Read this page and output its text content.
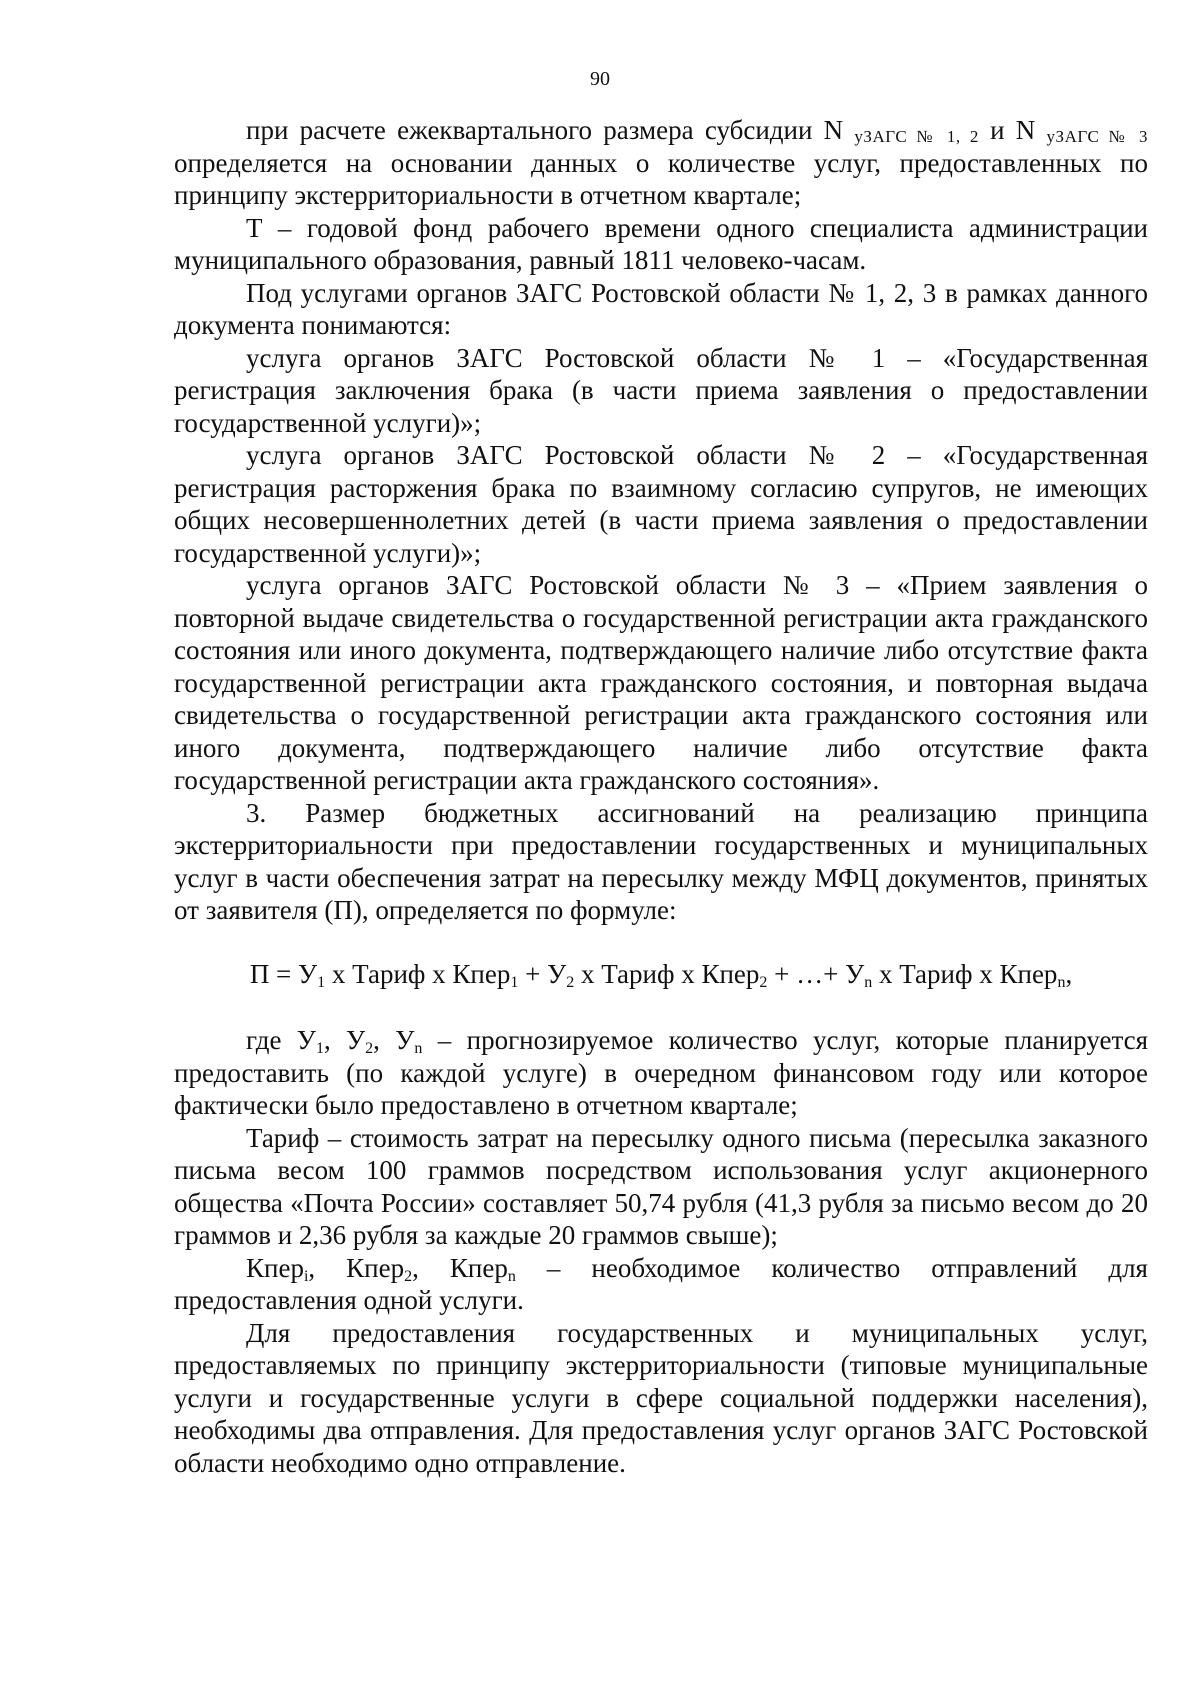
90

при расчете ежеквартального размера субсидии N уЗАГС № 1, 2 и N уЗАГС № 3 определяется на основании данных о количестве услуг, предоставленных по принципу экстерриториальности в отчетном квартале;

Т – годовой фонд рабочего времени одного специалиста администрации муниципального образования, равный 1811 человеко-часам.

Под услугами органов ЗАГС Ростовской области № 1, 2, 3 в рамках данного документа понимаются:

услуга органов ЗАГС Ростовской области № 1 – «Государственная регистрация заключения брака (в части приема заявления о предоставлении государственной услуги)»;

услуга органов ЗАГС Ростовской области № 2 – «Государственная регистрация расторжения брака по взаимному согласию супругов, не имеющих общих несовершеннолетних детей (в части приема заявления о предоставлении государственной услуги)»;

услуга органов ЗАГС Ростовской области № 3 – «Прием заявления о повторной выдаче свидетельства о государственной регистрации акта гражданского состояния или иного документа, подтверждающего наличие либо отсутствие факта государственной регистрации акта гражданского состояния, и повторная выдача свидетельства о государственной регистрации акта гражданского состояния или иного документа, подтверждающего наличие либо отсутствие факта государственной регистрации акта гражданского состояния».

3. Размер бюджетных ассигнований на реализацию принципа экстерриториальности при предоставлении государственных и муниципальных услуг в части обеспечения затрат на пересылку между МФЦ документов, принятых от заявителя (П), определяется по формуле:

$П = У_1$ х Тариф х Кпер$_1$ + $У_2$ х Тариф х Кпер$_2$ + …+ $У_n$ х Тариф х Кпер$_n$,

где $У_1$, $У_2$, $У_n$ – прогнозируемое количество услуг, которые планируется предоставить (по каждой услуге) в очередном финансовом году или которое фактически было предоставлено в отчетном квартале;

Тариф – стоимость затрат на пересылку одного письма (пересылка заказного письма весом 100 граммов посредством использования услуг акционерного общества «Почта России» составляет 50,74 рубля (41,3 рубля за письмо весом до 20 граммов и 2,36 рубля за каждые 20 граммов свыше);

Кпер$_i$, Кпер$_2$, Кпер$_n$ – необходимое количество отправлений для предоставления одной услуги.

Для предоставления государственных и муниципальных услуг, предоставляемых по принципу экстерриториальности (типовые муниципальные услуги и государственные услуги в сфере социальной поддержки населения), необходимы два отправления. Для предоставления услуг органов ЗАГС Ростовской области необходимо одно отправление.
